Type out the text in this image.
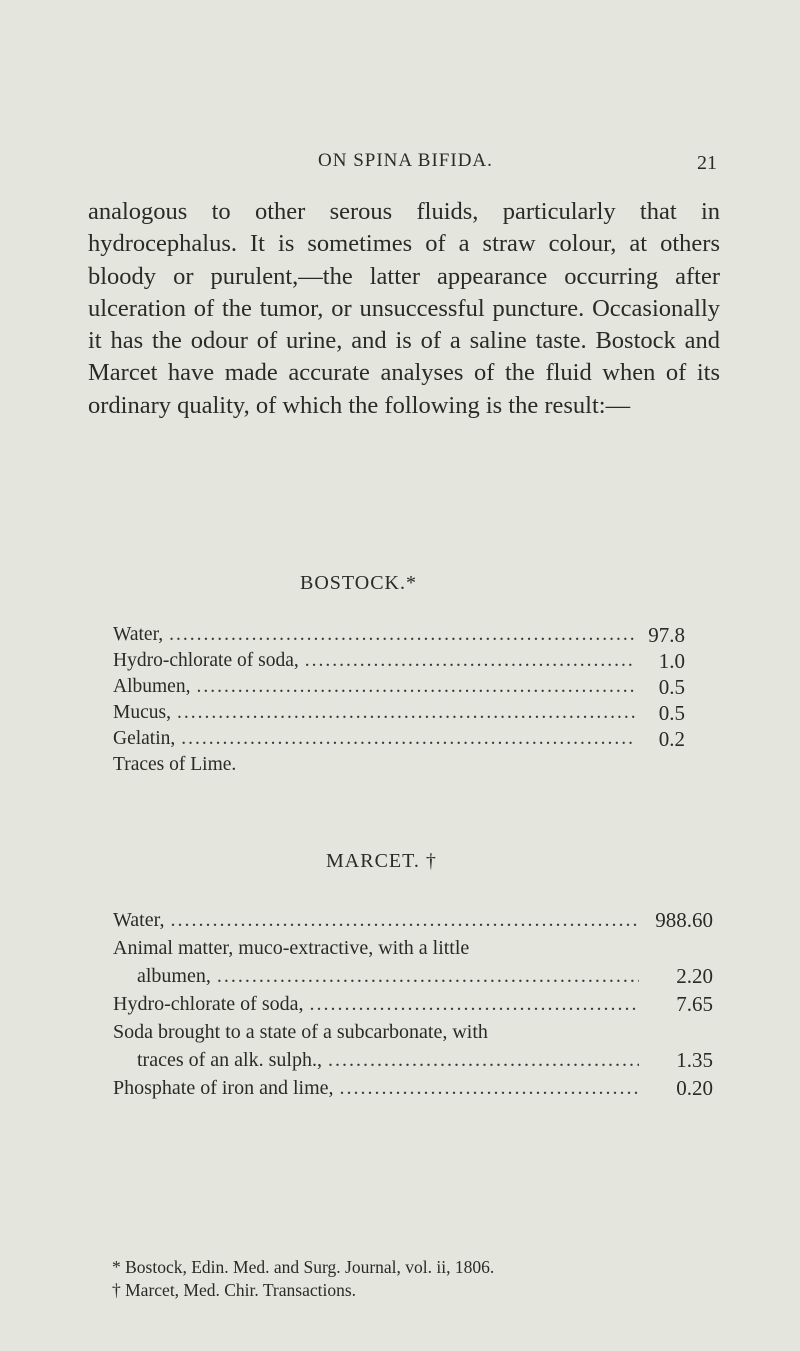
ON SPINA BIFIDA.	21

analogous to other serous fluids, particularly that in hydrocephalus. It is sometimes of a straw colour, at others bloody or purulent,—the latter appearance occurring after ulceration of the tumor, or unsuccessful puncture. Occasionally it has the odour of urine, and is of a saline taste. Bostock and Marcet have made accurate analyses of the fluid when of its ordinary quality, of which the following is the result:—

BOSTOCK.*
Water, .....	97.8
Hydro-chlorate of soda, .....	1.0
Albumen, .....	0.5
Mucus, .....	0.5
Gelatin, .....	0.2
Traces of Lime.
MARCET. †
Water, .....	988.60
Animal matter, muco-extractive, with a little
albumen, .....	2.20
Hydro-chlorate of soda, .....	7.65
Soda brought to a state of a subcarbonate, with
traces of an alk. sulph., .....	1.35
Phosphate of iron and lime, .....	0.20
* Bostock, Edin. Med. and Surg. Journal, vol. ii, 1806.
† Marcet, Med. Chir. Transactions.
